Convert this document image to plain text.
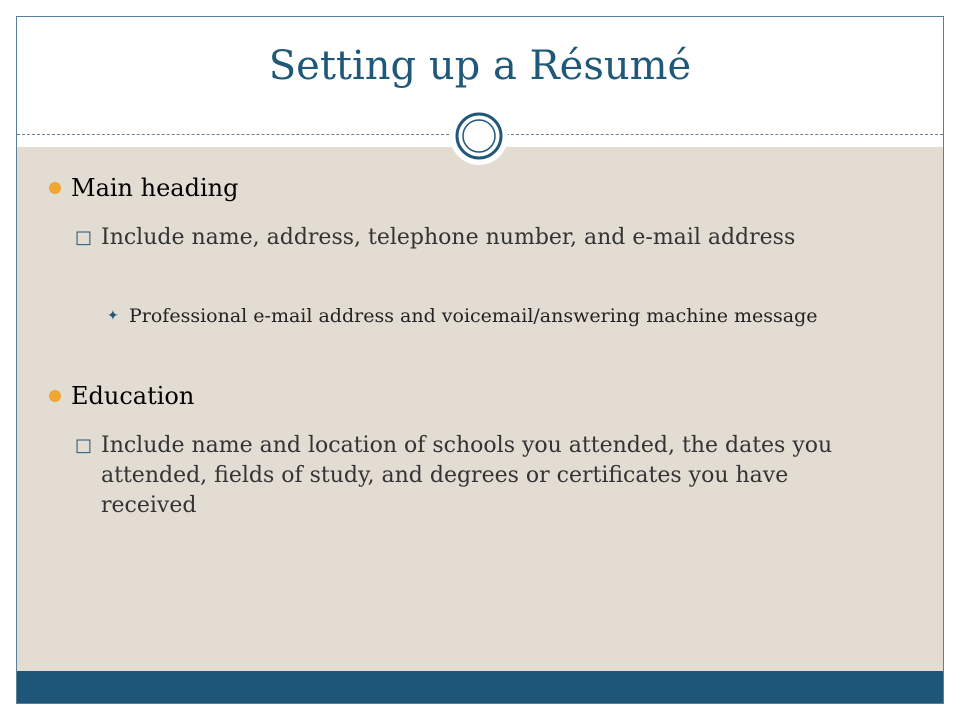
Setting up a Résumé

Main heading

□ Include name, address, telephone number, and e-mail address

✦ Professional e-mail address and voicemail/answering machine message

Education

□ Include name and location of schools you attended, the dates you attended, fields of study, and degrees or certificates you have received
